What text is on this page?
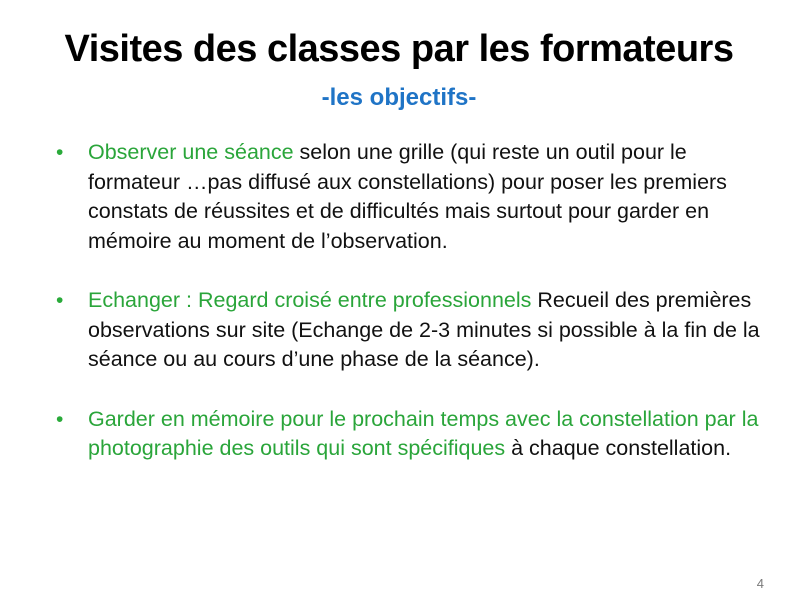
Visites des classes par les formateurs
-les objectifs-
• Observer une séance selon une grille (qui reste un outil pour le formateur …pas diffusé aux constellations) pour poser les premiers constats de réussites et de difficultés mais surtout pour garder en mémoire au moment de l’observation.
• Echanger : Regard croisé entre professionnels Recueil des premières observations sur site (Echange de 2-3 minutes si possible à la fin de la séance ou au cours d’une phase de la séance).
• Garder en mémoire pour le prochain temps avec la constellation par la photographie des outils qui sont spécifiques à chaque constellation.
4
